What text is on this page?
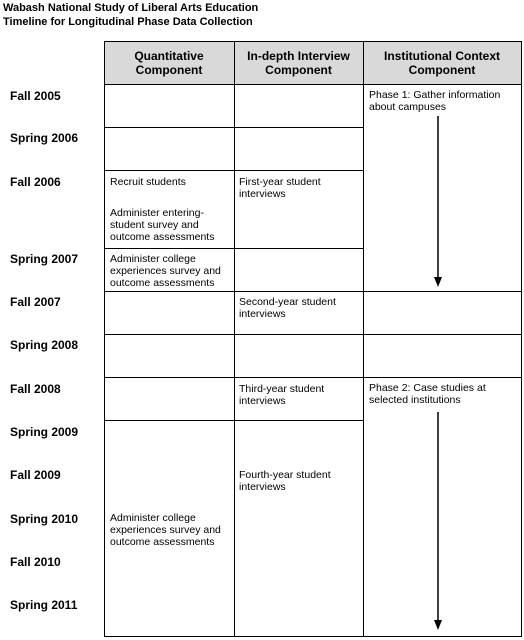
Wabash National Study of Liberal Arts Education
Timeline for Longitudinal Phase Data Collection
Quantitative Component
In-depth Interview Component
Institutional Context Component
Fall 2005
Spring 2006
Fall 2006
Spring 2007
Fall 2007
Spring 2008
Fall 2008
Spring 2009
Fall 2009
Spring 2010
Fall 2010
Spring 2011
Recruit students
Administer entering-student survey and outcome assessments
Administer college experiences survey and outcome assessments
Administer college experiences survey and outcome assessments
First-year student interviews
Second-year student interviews
Third-year student interviews
Fourth-year student interviews
Phase 1: Gather information about campuses
Phase 2: Case studies at selected institutions
